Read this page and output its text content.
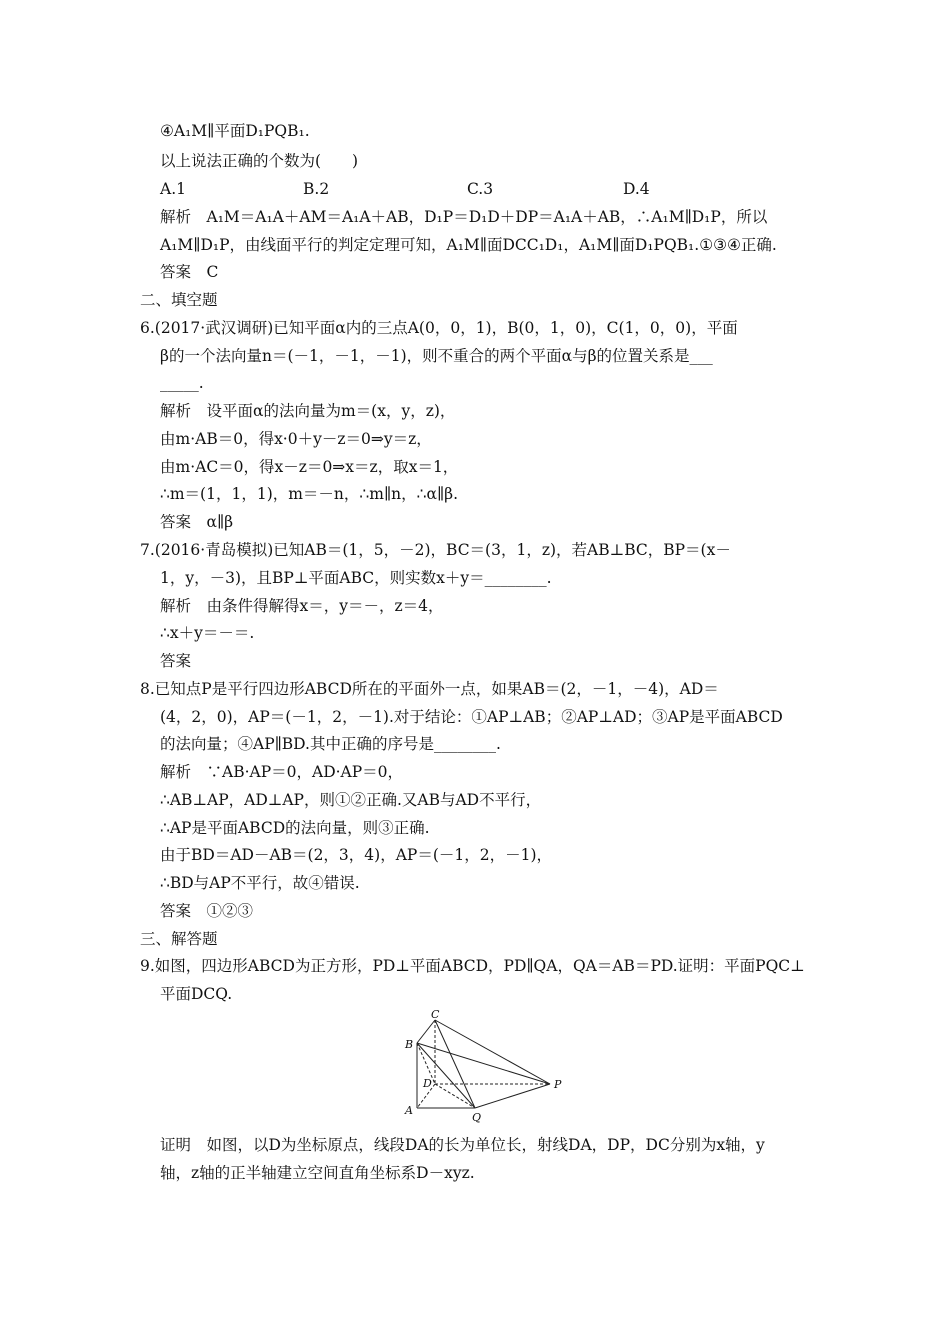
④A₁M∥平面D₁PQB₁.
以上说法正确的个数为(　　)
A.1	B.2	C.3	D.4
解析　A₁M＝A₁A＋AM＝A₁A＋AB，D₁P＝D₁D＋DP＝A₁A＋AB，∴A₁M∥D₁P，所以
A₁M∥D₁P，由线面平行的判定定理可知，A₁M∥面DCC₁D₁，A₁M∥面D₁PQB₁.①③④正确.
答案　C
二、填空题
6.(2017·武汉调研)已知平面α内的三点A(0，0，1)，B(0，1，0)，C(1，0，0)，平面
β的一个法向量n＝(－1，－1，－1)，则不重合的两个平面α与β的位置关系是___
_____.
解析　设平面α的法向量为m＝(x，y，z)，
由m·AB＝0，得x·0＋y－z＝0⇒y＝z，
由m·AC＝0，得x－z＝0⇒x＝z，取x＝1，
∴m＝(1，1，1)，m＝－n，∴m∥n，∴α∥β.
答案　α∥β
7.(2016·青岛模拟)已知AB＝(1，5，－2)，BC＝(3，1，z)，若AB⊥BC，BP＝(x－
1，y，－3)，且BP⊥平面ABC，则实数x＋y＝________.
解析　由条件得解得x＝，y＝－，z＝4，
∴x＋y＝－＝.
答案
8.已知点P是平行四边形ABCD所在的平面外一点，如果AB＝(2，－1，－4)，AD＝
(4，2，0)，AP＝(－1，2，－1).对于结论：①AP⊥AB；②AP⊥AD；③AP是平面ABCD
的法向量；④AP∥BD.其中正确的序号是________.
解析　∵AB·AP＝0，AD·AP＝0，
∴AB⊥AP，AD⊥AP，则①②正确.又AB与AD不平行，
∴AP是平面ABCD的法向量，则③正确.
由于BD＝AD－AB＝(2，3，4)，AP＝(－1，2，－1)，
∴BD与AP不平行，故④错误.
答案　①②③
三、解答题
9.如图，四边形ABCD为正方形，PD⊥平面ABCD，PD∥QA，QA＝AB＝PD.证明：平面PQC⊥
平面DCQ.
C
B
D
A
Q
P
证明　如图，以D为坐标原点，线段DA的长为单位长，射线DA，DP，DC分别为x轴，y
轴，z轴的正半轴建立空间直角坐标系D－xyz.
